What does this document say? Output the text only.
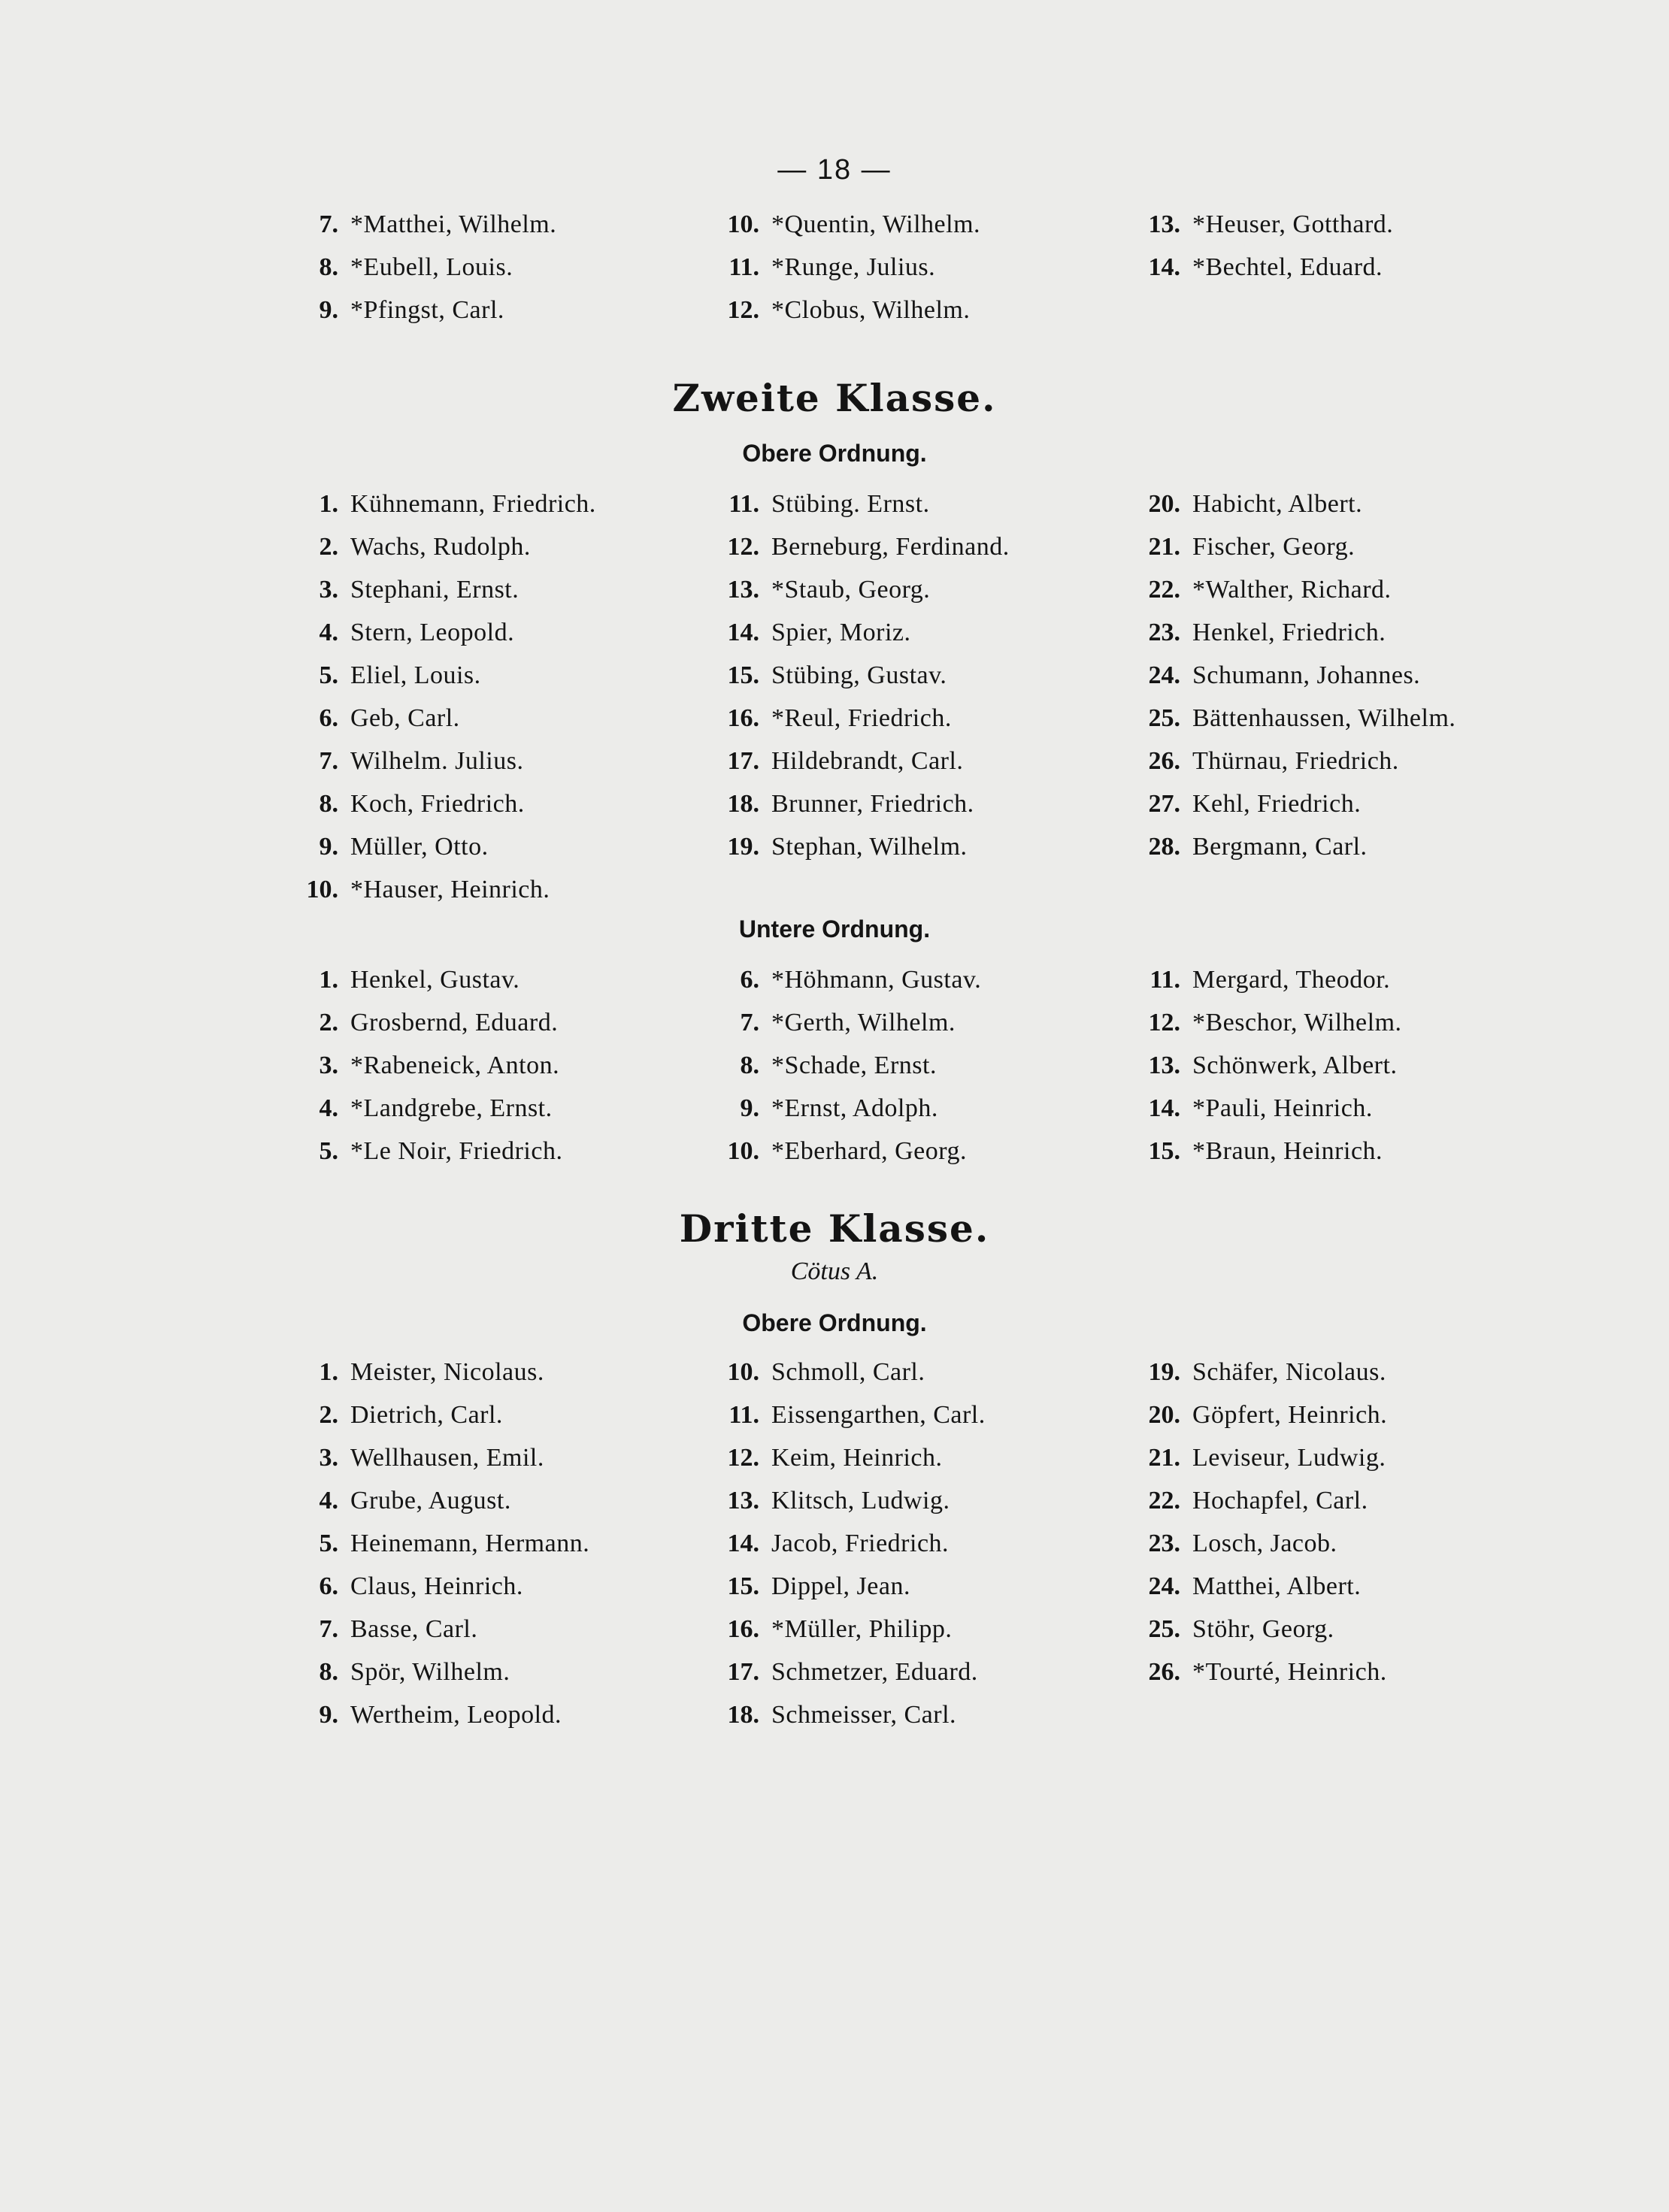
— 18 —
7. *Matthei, Wilhelm.	10. *Quentin, Wilhelm.	13. *Heuser, Gotthard.
8. *Eubell, Louis.	11. *Runge, Julius.	14. *Bechtel, Eduard.
9. *Pfingst, Carl.	12. *Clobus, Wilhelm.
Zweite Klasse.
Obere Ordnung.
1. Kühnemann, Friedrich.	11. Stübing. Ernst.	20. Habicht, Albert.
2. Wachs, Rudolph.	12. Berneburg, Ferdinand.	21. Fischer, Georg.
3. Stephani, Ernst.	13. *Staub, Georg.	22. *Walther, Richard.
4. Stern, Leopold.	14. Spier, Moriz.	23. Henkel, Friedrich.
5. Eliel, Louis.	15. Stübing, Gustav.	24. Schumann, Johannes.
6. Geb, Carl.	16. *Reul, Friedrich.	25. Bättenhaussen, Wilhelm.
7. Wilhelm. Julius.	17. Hildebrandt, Carl.	26. Thürnau, Friedrich.
8. Koch, Friedrich.	18. Brunner, Friedrich.	27. Kehl, Friedrich.
9. Müller, Otto.	19. Stephan, Wilhelm.	28. Bergmann, Carl.
10. *Hauser, Heinrich.
Untere Ordnung.
1. Henkel, Gustav.	6. *Höhmann, Gustav.	11. Mergard, Theodor.
2. Grosbernd, Eduard.	7. *Gerth, Wilhelm.	12. *Beschor, Wilhelm.
3. *Rabeneick, Anton.	8. *Schade, Ernst.	13. Schönwerk, Albert.
4. *Landgrebe, Ernst.	9. *Ernst, Adolph.	14. *Pauli, Heinrich.
5. *Le Noir, Friedrich.	10. *Eberhard, Georg.	15. *Braun, Heinrich.
Dritte Klasse.
Cötus A.
Obere Ordnung.
1. Meister, Nicolaus.	10. Schmoll, Carl.	19. Schäfer, Nicolaus.
2. Dietrich, Carl.	11. Eissengarthen, Carl.	20. Göpfert, Heinrich.
3. Wellhausen, Emil.	12. Keim, Heinrich.	21. Leviseur, Ludwig.
4. Grube, August.	13. Klitsch, Ludwig.	22. Hochapfel, Carl.
5. Heinemann, Hermann.	14. Jacob, Friedrich.	23. Losch, Jacob.
6. Claus, Heinrich.	15. Dippel, Jean.	24. Matthei, Albert.
7. Basse, Carl.	16. *Müller, Philipp.	25. Stöhr, Georg.
8. Spör, Wilhelm.	17. Schmetzer, Eduard.	26. *Tourté, Heinrich.
9. Wertheim, Leopold.	18. Schmeisser, Carl.
